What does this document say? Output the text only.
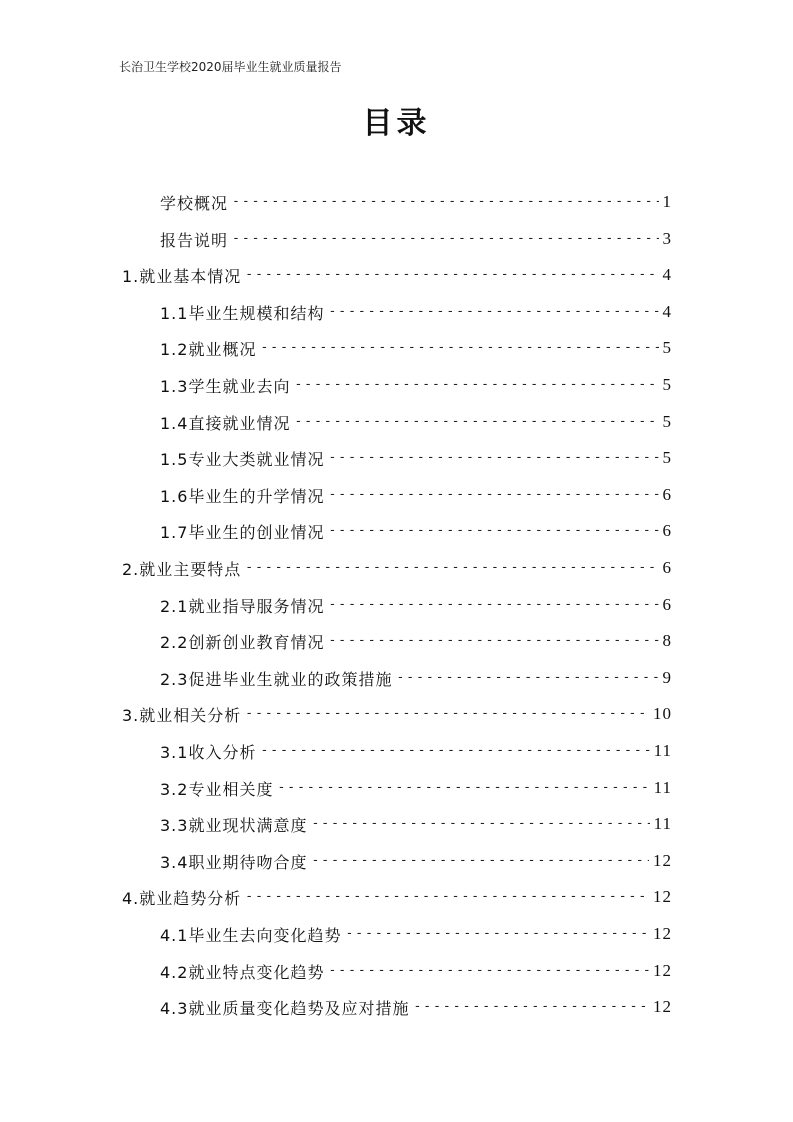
长治卫生学校2020届毕业生就业质量报告
目录
学校概况 -----	1
报告说明 -----	3
1.就业基本情况 -----	4
1.1毕业生规模和结构 -----	4
1.2就业概况 -----	5
1.3学生就业去向 -----	5
1.4直接就业情况 -----	5
1.5专业大类就业情况 -----	5
1.6毕业生的升学情况 -----	6
1.7毕业生的创业情况 -----	6
2.就业主要特点 -----	6
2.1就业指导服务情况 -----	6
2.2创新创业教育情况 -----	8
2.3促进毕业生就业的政策措施 -----	9
3.就业相关分析 -----	10
3.1收入分析 -----	11
3.2专业相关度 -----	11
3.3就业现状满意度 -----	11
3.4职业期待吻合度 -----	12
4.就业趋势分析 -----	12
4.1毕业生去向变化趋势 -----	12
4.2就业特点变化趋势 -----	12
4.3就业质量变化趋势及应对措施 -----	12
